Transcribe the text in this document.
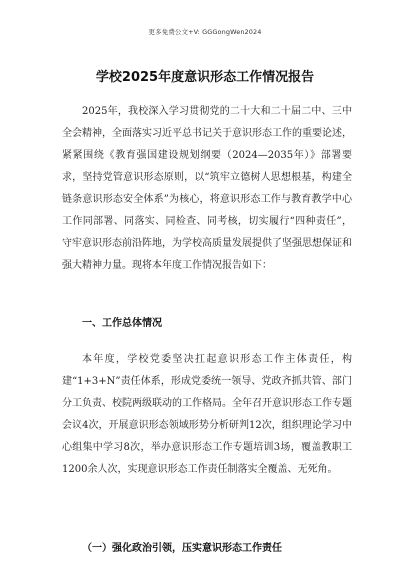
更多免费公文+V: GGGongWen2024
学校2025年度意识形态工作情况报告

2025年，我校深入学习贯彻党的二十大和二十届二中、三中全会精神，全面落实习近平总书记关于意识形态工作的重要论述，紧紧围绕《教育强国建设规划纲要（2024—2035年）》部署要求，坚持党管意识形态原则，以“筑牢立德树人思想根基，构建全链条意识形态安全体系”为核心，将意识形态工作与教育教学中心工作同部署、同落实、同检查、同考核，切实履行“四种责任”，守牢意识形态前沿阵地，为学校高质量发展提供了坚强思想保证和强大精神力量。现将本年度工作情况报告如下：

一、工作总体情况

本年度，学校党委坚决扛起意识形态工作主体责任，构建“1+3+N”责任体系，形成党委统一领导、党政齐抓共管、部门分工负责、校院两级联动的工作格局。全年召开意识形态工作专题会议4次，开展意识形态领域形势分析研判12次，组织理论学习中心组集中学习8次，举办意识形态工作专题培训3场，覆盖教职工1200余人次，实现意识形态工作责任制落实全覆盖、无死角。

（一）强化政治引领，压实意识形态工作责任
